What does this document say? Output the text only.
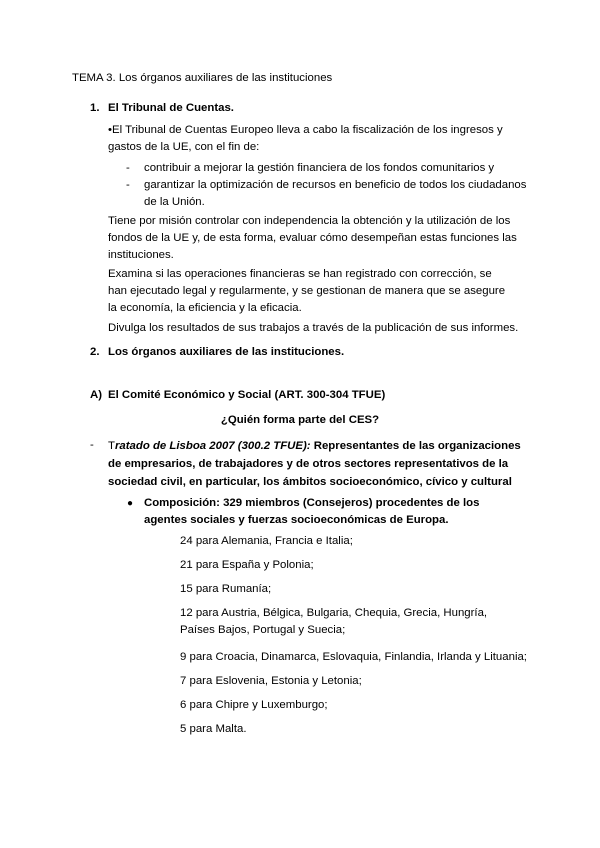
TEMA 3. Los órganos auxiliares de las instituciones

1. El Tribunal de Cuentas.

•El Tribunal de Cuentas Europeo lleva a cabo la fiscalización de los ingresos y gastos de la UE, con el fin de:

- contribuir a mejorar la gestión financiera de los fondos comunitarios y

- garantizar la optimización de recursos en beneficio de todos los ciudadanos de la Unión.

Tiene por misión controlar con independencia la obtención y la utilización de los fondos de la UE y, de esta forma, evaluar cómo desempeñan estas funciones las instituciones.

Examina si las operaciones financieras se han registrado con corrección, se han ejecutado legal y regularmente, y se gestionan de manera que se asegure la economía, la eficiencia y la eficacia.

Divulga los resultados de sus trabajos a través de la publicación de sus informes.

2. Los órganos auxiliares de las instituciones.

A) El Comité Económico y Social (ART. 300-304 TFUE)

¿Quién forma parte del CES?

- Tratado de Lisboa 2007 (300.2 TFUE): Representantes de las organizaciones de empresarios, de trabajadores y de otros sectores representativos de la sociedad civil, en particular, los ámbitos socioeconómico, cívico y cultural

● Composición: 329 miembros (Consejeros) procedentes de los agentes sociales y fuerzas socioeconómicas de Europa.

24 para Alemania, Francia e Italia;

21 para España y Polonia;

15 para Rumanía;

12 para Austria, Bélgica, Bulgaria, Chequia, Grecia, Hungría, Países Bajos, Portugal y Suecia;

9 para Croacia, Dinamarca, Eslovaquia, Finlandia, Irlanda y Lituania;

7 para Eslovenia, Estonia y Letonia;

6 para Chipre y Luxemburgo;

5 para Malta.
